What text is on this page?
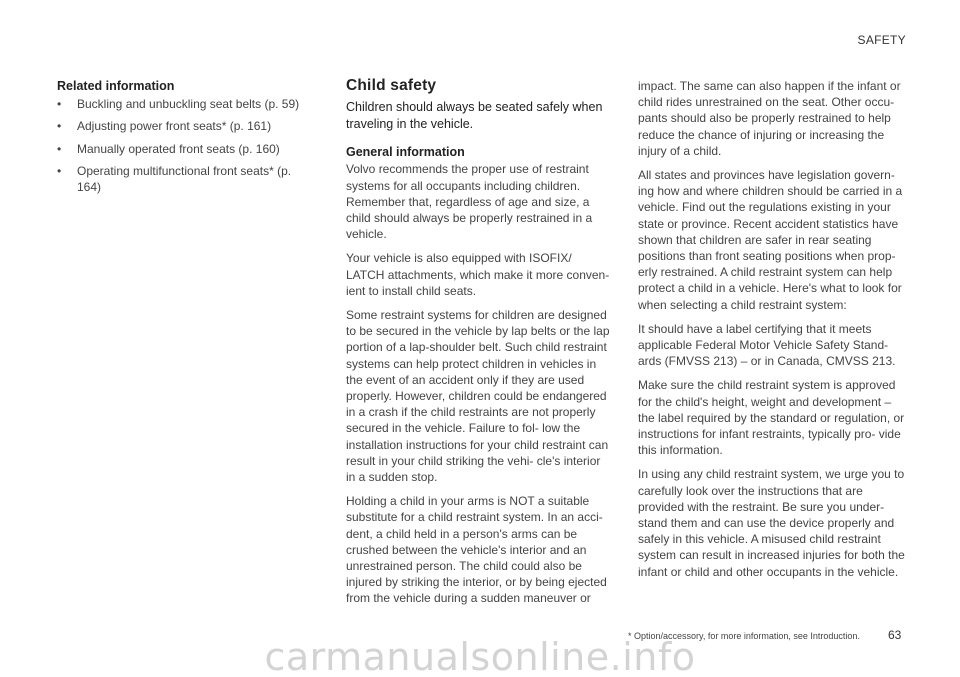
SAFETY
Related information
• Buckling and unbuckling seat belts (p. 59)
• Adjusting power front seats* (p. 161)
• Manually operated front seats (p. 160)
• Operating multifunctional front seats* (p. 164)
Child safety

Children should always be seated safely when traveling in the vehicle.

General information

Volvo recommends the proper use of restraint systems for all occupants including children. Remember that, regardless of age and size, a child should always be properly restrained in a vehicle.

Your vehicle is also equipped with ISOFIX/ LATCH attachments, which make it more conven- ient to install child seats.

Some restraint systems for children are designed to be secured in the vehicle by lap belts or the lap portion of a lap-shoulder belt. Such child restraint systems can help protect children in vehicles in the event of an accident only if they are used properly. However, children could be endangered in a crash if the child restraints are not properly secured in the vehicle. Failure to fol- low the installation instructions for your child restraint can result in your child striking the vehi- cle's interior in a sudden stop.

Holding a child in your arms is NOT a suitable substitute for a child restraint system. In an acci- dent, a child held in a person's arms can be crushed between the vehicle's interior and an unrestrained person. The child could also be injured by striking the interior, or by being ejected from the vehicle during a sudden maneuver or

impact. The same can also happen if the infant or child rides unrestrained on the seat. Other occu- pants should also be properly restrained to help reduce the chance of injuring or increasing the injury of a child.

All states and provinces have legislation govern- ing how and where children should be carried in a vehicle. Find out the regulations existing in your state or province. Recent accident statistics have shown that children are safer in rear seating positions than front seating positions when prop- erly restrained. A child restraint system can help protect a child in a vehicle. Here's what to look for when selecting a child restraint system:

It should have a label certifying that it meets applicable Federal Motor Vehicle Safety Stand- ards (FMVSS 213) – or in Canada, CMVSS 213.

Make sure the child restraint system is approved for the child's height, weight and development – the label required by the standard or regulation, or instructions for infant restraints, typically pro- vide this information.

In using any child restraint system, we urge you to carefully look over the instructions that are provided with the restraint. Be sure you under- stand them and can use the device properly and safely in this vehicle. A misused child restraint system can result in increased injuries for both the infant or child and other occupants in the vehicle.

* Option/accessory, for more information, see Introduction. 63
carmanualsonline.info
